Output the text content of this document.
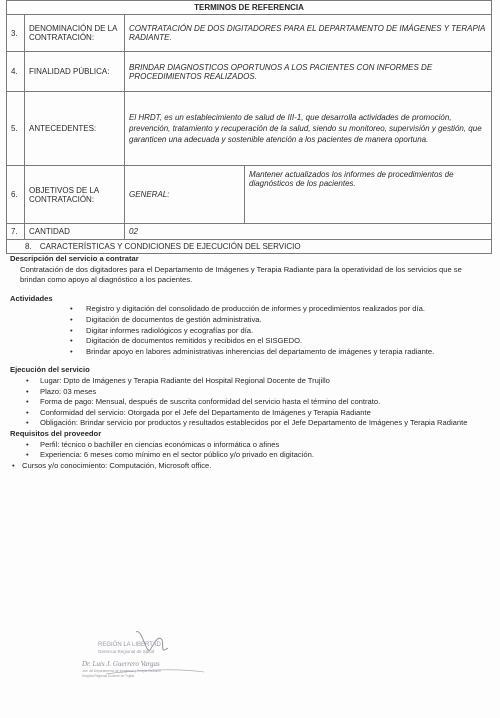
TERMINOS DE REFERENCIA			
3.	DENOMINACIÓN DE LA CONTRATACIÓN:	CONTRATACIÓN DE DOS DIGITADORES PARA EL DEPARTAMENTO DE IMÁGENES Y TERAPIA RADIANTE.	
4.	FINALIDAD PÚBLICA:	BRINDAR DIAGNOSTICOS OPORTUNOS A LOS PACIENTES CON INFORMES DE PROCEDIMIENTOS REALIZADOS.	
5.	ANTECEDENTES:	El HRDT, es un establecimiento de salud de III-1, que desarrolla actividades de promoción, prevención, tratamiento y recuperación de la salud, siendo su monitoreo, supervisión y gestión, que garanticen una adecuada y sostenible atención a los pacientes de manera oportuna.	
6.	OBJETIVOS DE LA CONTRATACIÓN:	GENERAL:	Mantener actualizados los informes de procedimientos de diagnósticos de los pacientes.
7.	CANTIDAD	02	
8. CARACTERÍSTICAS Y CONDICIONES DE EJECUCIÓN DEL SERVICIO			

Descripción del servicio a contratar

Contratación de dos digitadores para el Departamento de Imágenes y Terapia Radiante para la operatividad de los servicios que se brindan como apoyo al diagnóstico a los pacientes.

Actividades

• Registro y digitación del consolidado de producción de informes y procedimientos realizados por día.
• Digitación de documentos de gestión administrativa.
• Digitar informes radiológicos y ecografías por día.
• Digitación de documentos remitidos y recibidos en el SISGEDO.
• Brindar apoyo en labores administrativas inherencias del departamento de imágenes y terapia radiante.

Ejecución del servicio

• Lugar: Dpto de Imágenes y Terapia Radiante del Hospital Regional Docente de Trujillo
• Plazo: 03 meses
• Forma de pago: Mensual, después de suscrita conformidad del servicio hasta el término del contrato.
• Conformidad del servicio: Otorgada por el Jefe del Departamento de Imágenes y Terapia Radiante
• Obligación: Brindar servicio por productos y resultados establecidos por el Jefe Departamento de Imágenes y Terapia Radiante

Requisitos del proveedor

• Perfil: técnico o bachiller en ciencias económicas o informática o afines
• Experiencia: 6 meses como mínimo en el sector público y/o privado en digitación.
• Cursos y/o conocimiento: Computación, Microsoft office.
REGIÓN LA LIBERTAD
Gerencia Regional de Salud
Dr. Luis J. Guerrero Vargas
Jefe del Departamento de Imágenes y Terapia Radiante
Hospital Regional Docente de Trujillo
